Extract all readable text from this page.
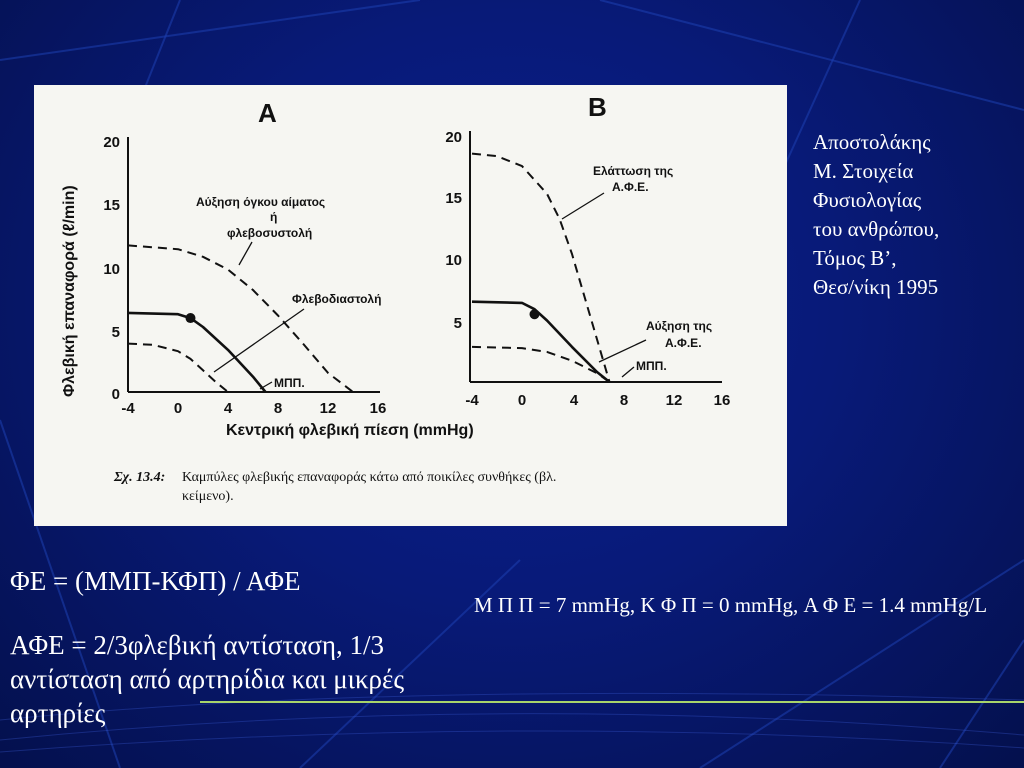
A	B
Φλεβική επαναφορά (ℓ/min)
Κεντρική φλεβική πίεση (mmHg)
20
15
10
5
0
20
15
10
5
-4	0	4	8 12 16	-4	0	4	8 12 16
Αύξηση όγκου αίματος
ή
φλεβοσυστολή
Φλεβοδιαστολή
ΜΠΠ.
Ελάττωση της
Α.Φ.Ε.
Αύξηση της
Α.Φ.Ε.
ΜΠΠ.
Σχ. 13.4: Καμπύλες φλεβικής επαναφοράς κάτω από ποικίλες συνθήκες (βλ.
κείμενο).
Αποστολάκης
Μ. Στοιχεία
Φυσιολογίας
του ανθρώπου,
Τόμος Β’,
Θεσ/νίκη 1995

ΦΕ = (ΜΜΠ-ΚΦΠ) / ΑΦΕ

ΑΦΕ = 2/3φλεβική αντίσταση, 1/3 αντίσταση από αρτηρίδια και μικρές αρτηρίες

Μ Π Π = 7 mmHg, Κ Φ Π = 0 mmHg, Α Φ Ε = 1.4 mmHg/L
